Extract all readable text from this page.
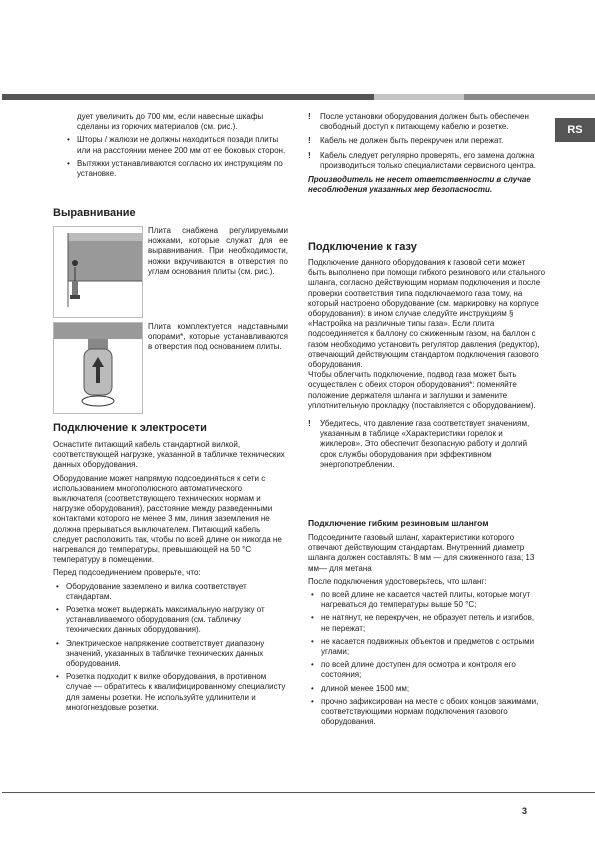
RS

дует увеличить до 700 мм, если навесные шкафы сделаны из горючих материалов (см. рис.).

• Шторы / жалюзи не должны находиться позади плиты или на расстоянии менее 200 мм от ее боковых сторон.
• Вытяжки устанавливаются согласно их инструкциям по установке.
Выравнивание
Плита снабжена регулируемыми ножками, которые служат для ее выравнивания. При необходимости, ножки вкручиваются в отверстия по углам основания плиты (см. рис.).
Плита комплектуется надставными опорами*, которые устанавливаются в отверстия под основанием плиты.
Подключение к электросети

Оснастите питающий кабель стандартной вилкой, соответствующей нагрузке, указанной в табличке технических данных оборудования.

Оборудование может напрямую подсоединяться к сети с использованием многополюсного автоматического выключателя (соответствующего технических нормам и нагрузке оборудования), расстояние между разведенными контактами которого не менее 3 мм, линия заземления не должна прерываться выключателем. Питающий кабель следует расположить так, чтобы по всей длине он никогда не нагревался до температуры, превышающей на 50 °С температуру в помещении.

Перед подсоединением проверьте, что:

• Оборудование заземлено и вилка соответствует стандартам.
• Розетка может выдержать максимальную нагрузку от устанавливаемого оборудования (см. табличку технических данных оборудования).
• Электрическое напряжение соответствует диапазону значений, указанных в табличке технических данных оборудования.
• Розетка подходит к вилке оборудования, в противном случае — обратитесь к квалифицированному специалисту для замены розетки. Не используйте удлинители и многогнездовые розетки.
! После установки оборудования должен быть обеспечен свободный доступ к питающему кабелю и розетке.
! Кабель не должен быть перекручен или пережат.
! Кабель следует регулярно проверять, его замена должна производиться только специалистами сервисного центра.

Производитель не несет ответственности в случае несоблюдения указанных мер безопасности.

Подключение к газу

Подключение данного оборудования к газовой сети может быть выполнено при помощи гибкого резинового или стального шланга, согласно действующим нормам подключения и после проверки соответствия типа подключаемого газа тому, на который настроено оборудование (см. маркировку на корпусе оборудования): в ином случае следуйте инструкциям § «Настройка на различные типы газа». Если плита подсоединяется к баллону со сжиженным газом, на баллон с газом необходимо установить регулятор давления (редуктор), отвечающий действующим стандартом подключения газового оборудования.

Чтобы облегчить подключение, подвод газа может быть осуществлен с обеих сторон оборудования*: поменяйте положение держателя шланга и заглушки и замените уплотнительную прокладку (поставляется с оборудованием).

! Убедитесь, что давление газа соответствует значениям, указанным в таблице «Характеристики горелок и жиклеров». Это обеспечит безопасную работу и долгий срок службы оборудования при эффективном энергопотреблении.
Подключение гибким резиновым шлангом

Подсоедините газовый шланг, характеристики которого отвечают действующим стандартам. Внутренний диаметр шланга должен составлять: 8 мм — для сжиженного газа; 13 мм— для метана

После подключения удостоверьтесь, что шланг:

• по всей длине не касается частей плиты, которые могут нагреваться до температуры выше 50 °С;
• не натянут, не перекручен, не образует петель и изгибов, не пережат;
• не касается подвижных объектов и предметов с острыми углами;
• по всей длине доступен для осмотра и контроля его состояния;
• длиной менее 1500 мм;
• прочно зафиксирован на месте с обоих концов зажимами, соответствующими нормам подключения газового оборудования.
3
